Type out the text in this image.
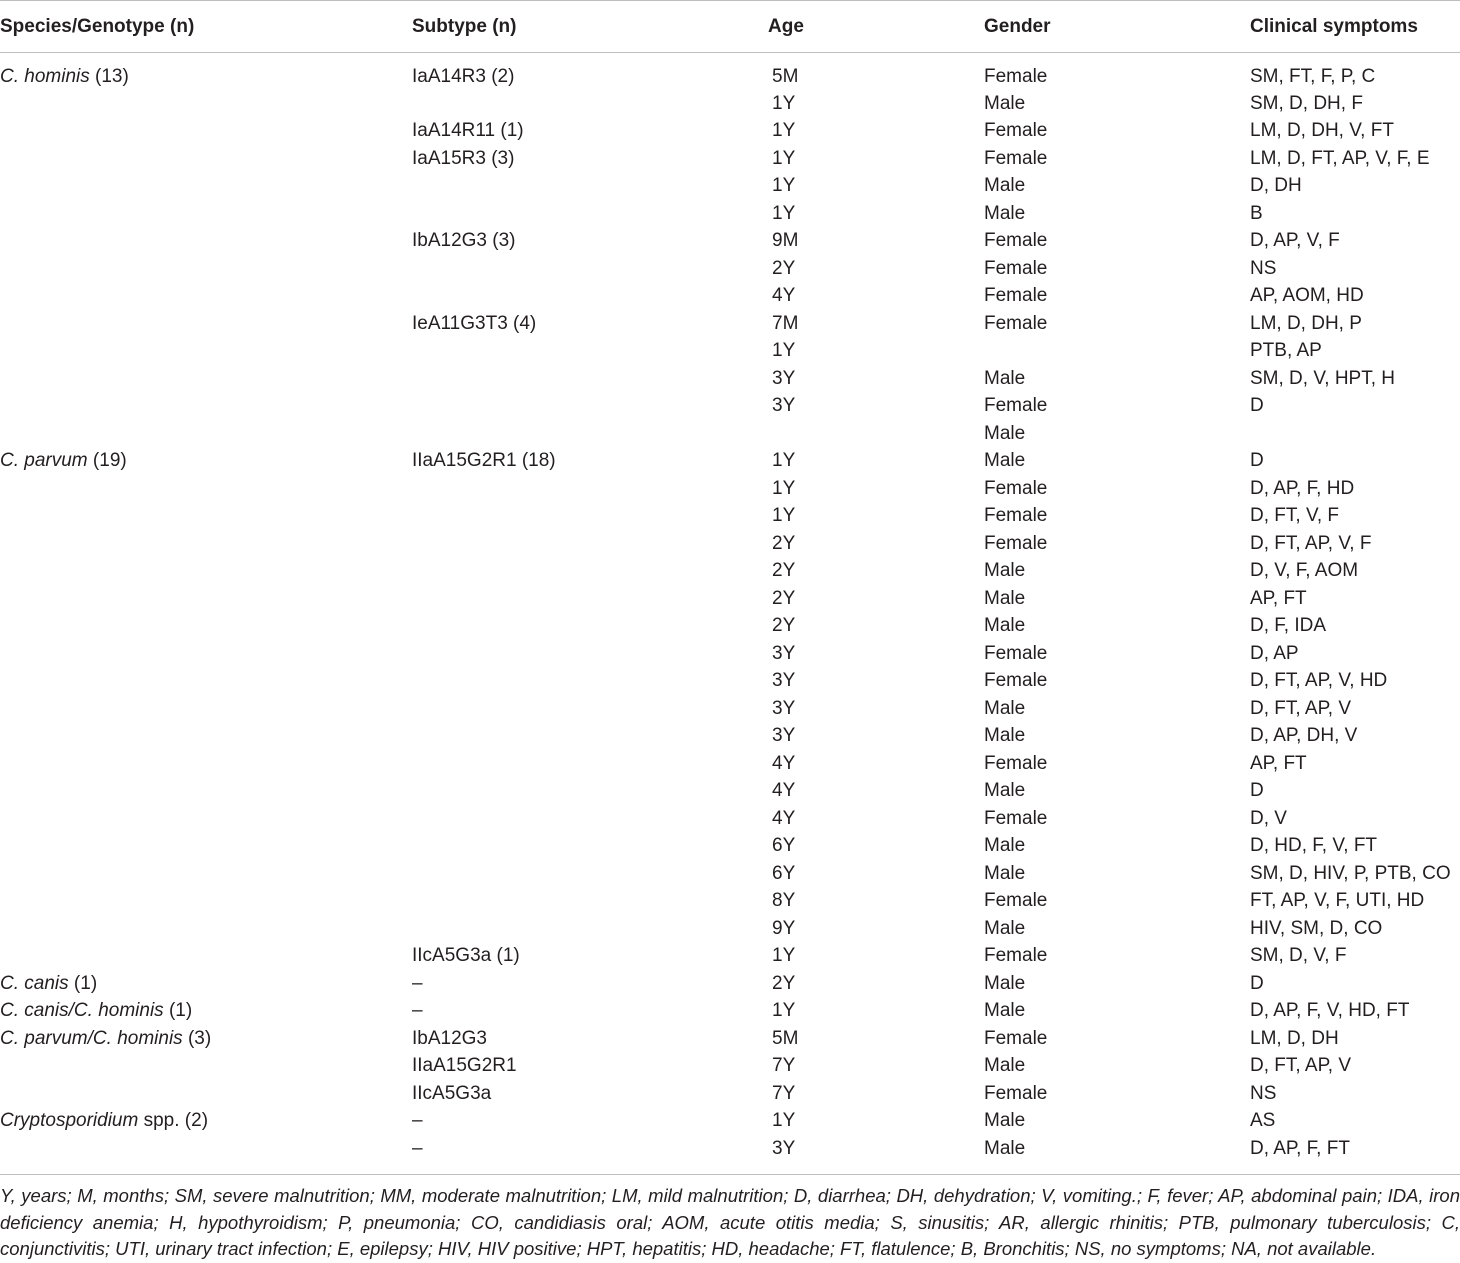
Species/Genotype (n)	Subtype (n)	Age	Gender	Clinical symptoms
C. hominis (13)	IaA14R3 (2)	5M	Female	SM, FT, F, P, C
		1Y	Male	SM, D, DH, F
	IaA14R11 (1)	1Y	Female	LM, D, DH, V, FT
	IaA15R3 (3)	1Y	Female	LM, D, FT, AP, V, F, E
		1Y	Male	D, DH
		1Y	Male	B
	IbA12G3 (3)	9M	Female	D, AP, V, F
		2Y	Female	NS
		4Y	Female	AP, AOM, HD
	IeA11G3T3 (4)	7M	Female	LM, D, DH, P
		1Y		PTB, AP
		3Y	Male	SM, D, V, HPT, H
		3Y	Female	D
			Male	
C. parvum (19)	IIaA15G2R1 (18)	1Y	Male	D
		1Y	Female	D, AP, F, HD
		1Y	Female	D, FT, V, F
		2Y	Female	D, FT, AP, V, F
		2Y	Male	D, V, F, AOM
		2Y	Male	AP, FT
		2Y	Male	D, F, IDA
		3Y	Female	D, AP
		3Y	Female	D, FT, AP, V, HD
		3Y	Male	D, FT, AP, V
		3Y	Male	D, AP, DH, V
		4Y	Female	AP, FT
		4Y	Male	D
		4Y	Female	D, V
		6Y	Male	D, HD, F, V, FT
		6Y	Male	SM, D, HIV, P, PTB, CO
		8Y	Female	FT, AP, V, F, UTI, HD
		9Y	Male	HIV, SM, D, CO
	IIcA5G3a (1)	1Y	Female	SM, D, V, F
C. canis (1)	–	2Y	Male	D
C. canis/C. hominis (1)	–	1Y	Male	D, AP, F, V, HD, FT
C. parvum/C. hominis (3)	IbA12G3	5M	Female	LM, D, DH
	IIaA15G2R1	7Y	Male	D, FT, AP, V
	IIcA5G3a	7Y	Female	NS
Cryptosporidium spp. (2)	–	1Y	Male	AS
	–	3Y	Male	D, AP, F, FT
Y, years; M, months; SM, severe malnutrition; MM, moderate malnutrition; LM, mild malnutrition; D, diarrhea; DH, dehydration; V, vomiting.; F, fever; AP, abdominal pain; IDA, iron deficiency anemia; H, hypothyroidism; P, pneumonia; CO, candidiasis oral; AOM, acute otitis media; S, sinusitis; AR, allergic rhinitis; PTB, pulmonary tuberculosis; C, conjunctivitis; UTI, urinary tract infection; E, epilepsy; HIV, HIV positive; HPT, hepatitis; HD, headache; FT, flatulence; B, Bronchitis; NS, no symptoms; NA, not available.
